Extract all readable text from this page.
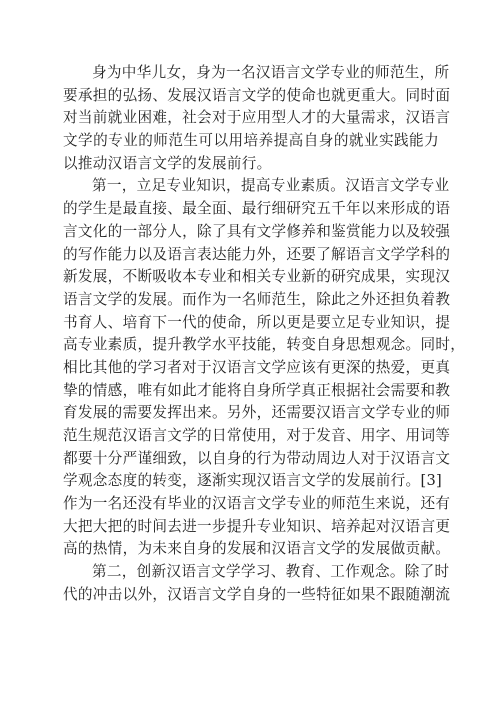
身为中华儿女，身为一名汉语言文学专业的师范生，所
要承担的弘扬、发展汉语言文学的使命也就更重大。同时面
对当前就业困难，社会对于应用型人才的大量需求，汉语言
文学的专业的师范生可以用培养提高自身的就业实践能力
以推动汉语言文学的发展前行。
第一，立足专业知识，提高专业素质。汉语言文学专业
的学生是最直接、最全面、最行细研究五千年以来形成的语
言文化的一部分人，除了具有文学修养和鉴赏能力以及较强
的写作能力以及语言表达能力外，还要了解语言文学学科的
新发展，不断吸收本专业和相关专业新的研究成果，实现汉
语言文学的发展。而作为一名师范生，除此之外还担负着教
书育人、培育下一代的使命，所以更是要立足专业知识，提
高专业素质，提升教学水平技能，转变自身思想观念。同时，
相比其他的学习者对于汉语言文学应该有更深的热爱，更真
挚的情感，唯有如此才能将自身所学真正根据社会需要和教
育发展的需要发挥出来。另外，还需要汉语言文学专业的师
范生规范汉语言文学的日常使用，对于发音、用字、用词等
都要十分严谨细致，以自身的行为带动周边人对于汉语言文
学观念态度的转变，逐渐实现汉语言文学的发展前行。[3]
作为一名还没有毕业的汉语言文学专业的师范生来说，还有
大把大把的时间去进一步提升专业知识、培养起对汉语言更
高的热情，为未来自身的发展和汉语言文学的发展做贡献。
第二，创新汉语言文学学习、教育、工作观念。除了时
代的冲击以外，汉语言文学自身的一些特征如果不跟随潮流
